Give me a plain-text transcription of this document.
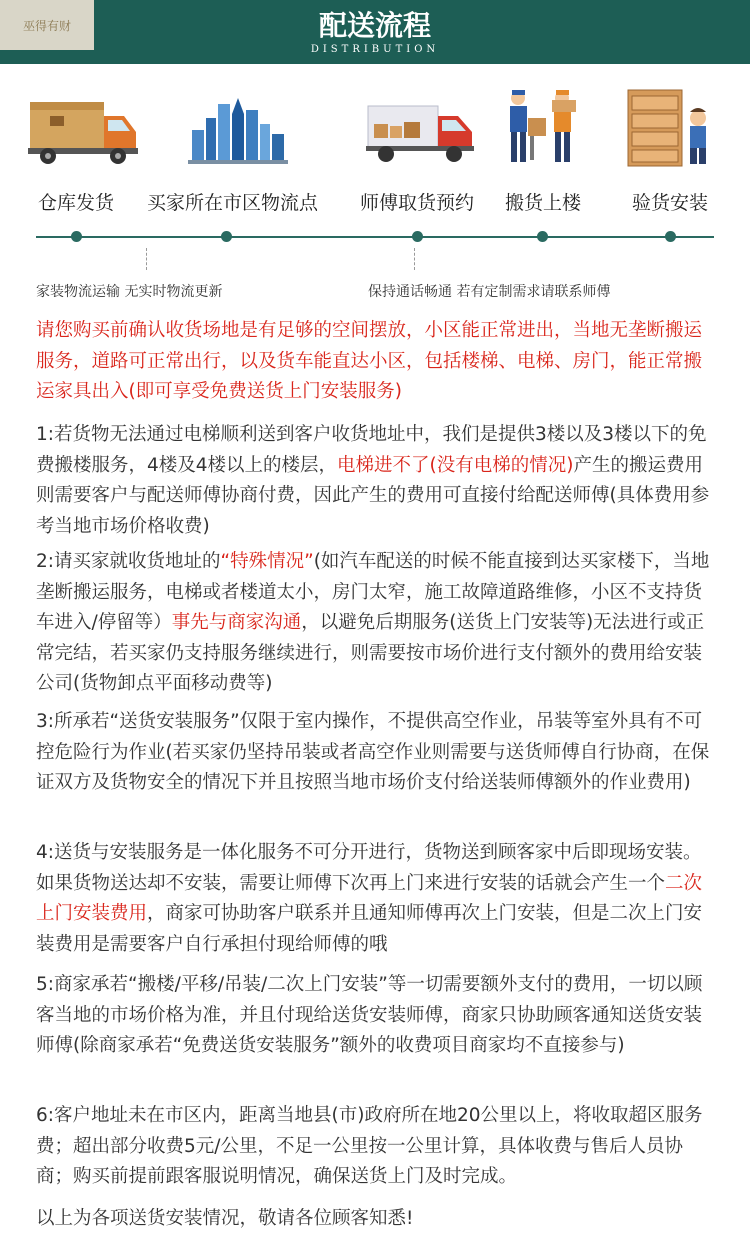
巫得有财	配送流程
DISTRIBUTION
仓库发货 买家所在市区物流点 师傅取货预约 搬货上楼	验货安装
家装物流运输 无实时物流更新	保持通话畅通 若有定制需求请联系师傅
请您购买前确认收货场地是有足够的空间摆放，小区能正常进出，当地无垄断搬运服务，道路可正常出行，以及货车能直达小区，包括楼梯、电梯、房门，能正常搬运家具出入(即可享受免费送货上门安装服务)
1:若货物无法通过电梯顺利送到客户收货地址中，我们是提供3楼以及3楼以下的免费搬楼服务，4楼及4楼以上的楼层，电梯进不了(没有电梯的情况)产生的搬运费用则需要客户与配送师傅协商付费，因此产生的费用可直接付给配送师傅(具体费用参考当地市场价格收费)
2:请买家就收货地址的“特殊情况”(如汽车配送的时候不能直接到达买家楼下，当地垄断搬运服务，电梯或者楼道太小，房门太窄，施工故障道路维修，小区不支持货车进入/停留等）事先与商家沟通，以避免后期服务(送货上门安装等)无法进行或正常完结，若买家仍支持服务继续进行，则需要按市场价进行支付额外的费用给安装公司(货物卸点平面移动费等)
3:所承若“送货安装服务”仅限于室内操作，不提供高空作业，吊装等室外具有不可控危险行为作业(若买家仍坚持吊装或者高空作业则需要与送货师傅自行协商，在保证双方及货物安全的情况下并且按照当地市场价支付给送装师傅额外的作业费用)
4:送货与安装服务是一体化服务不可分开进行，货物送到顾客家中后即现场安装。如果货物送达却不安装，需要让师傅下次再上门来进行安装的话就会产生一个二次上门安装费用，商家可协助客户联系并且通知师傅再次上门安装，但是二次上门安装费用是需要客户自行承担付现给师傅的哦
5:商家承若“搬楼/平移/吊装/二次上门安装”等一切需要额外支付的费用，一切以顾客当地的市场价格为准，并且付现给送货安装师傅，商家只协助顾客通知送货安装师傅(除商家承若“免费送货安装服务”额外的收费项目商家均不直接参与)
6:客户地址未在市区内，距离当地县(市)政府所在地20公里以上，将收取超区服务费；超出部分收费5元/公里，不足一公里按一公里计算，具体收费与售后人员协商；购买前提前跟客服说明情况，确保送货上门及时完成。
以上为各项送货安装情况，敬请各位顾客知悉!
